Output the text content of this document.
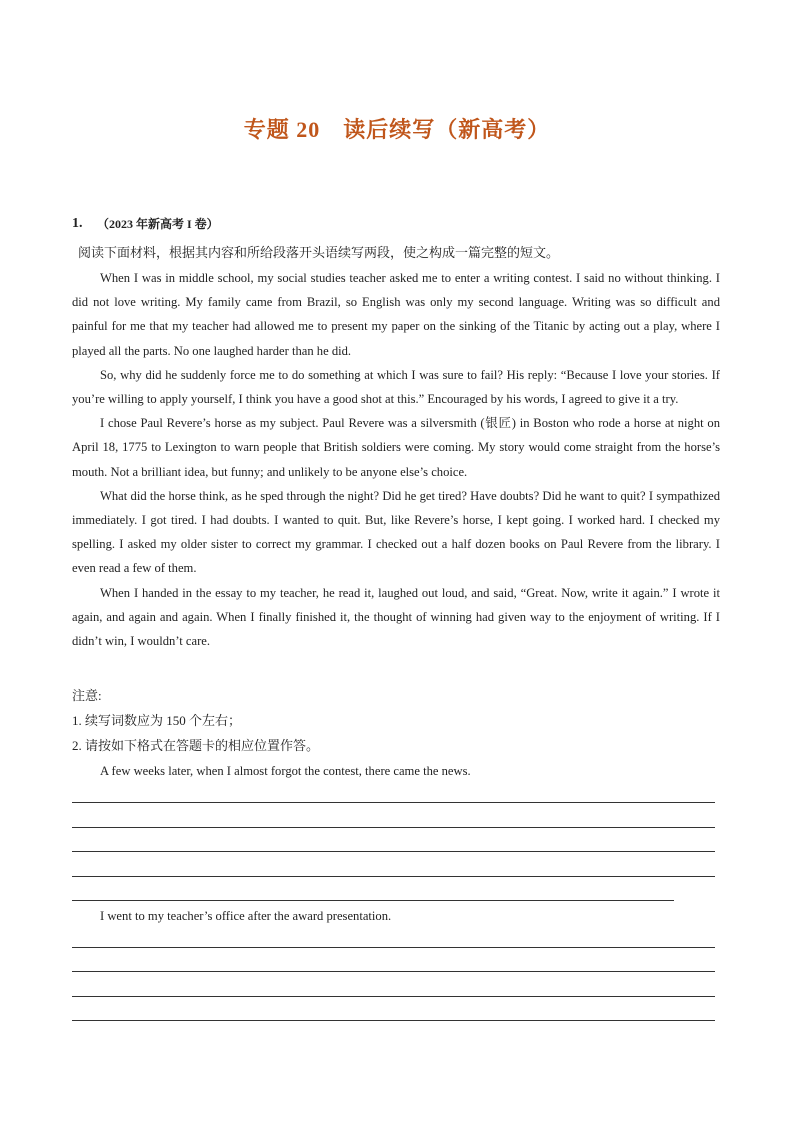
专题 20　读后续写（新高考）
1. （2023 年新高考 I 卷）
阅读下面材料，根据其内容和所给段落开头语续写两段，使之构成一篇完整的短文。

When I was in middle school, my social studies teacher asked me to enter a writing contest. I said no without thinking. I did not love writing. My family came from Brazil, so English was only my second language. Writing was so difficult and painful for me that my teacher had allowed me to present my paper on the sinking of the Titanic by acting out a play, where I played all the parts. No one laughed harder than he did.

So, why did he suddenly force me to do something at which I was sure to fail? His reply: “Because I love your stories. If you’re willing to apply yourself, I think you have a good shot at this.” Encouraged by his words, I agreed to give it a try.

I chose Paul Revere’s horse as my subject. Paul Revere was a silversmith (银匠) in Boston who rode a horse at night on April 18, 1775 to Lexington to warn people that British soldiers were coming. My story would come straight from the horse’s mouth. Not a brilliant idea, but funny; and unlikely to be anyone else’s choice.

What did the horse think, as he sped through the night? Did he get tired? Have doubts? Did he want to quit? I sympathized immediately. I got tired. I had doubts. I wanted to quit. But, like Revere’s horse, I kept going. I worked hard. I checked my spelling. I asked my older sister to correct my grammar. I checked out a half dozen books on Paul Revere from the library. I even read a few of them.

When I handed in the essay to my teacher, he read it, laughed out loud, and said, “Great. Now, write it again.” I wrote it again, and again and again. When I finally finished it, the thought of winning had given way to the enjoyment of writing. If I didn’t win, I wouldn’t care.

注意:
1. 续写词数应为 150 个左右；
2. 请按如下格式在答题卡的相应位置作答。
A few weeks later, when I almost forgot the contest, there came the news.
I went to my teacher’s office after the award presentation.
